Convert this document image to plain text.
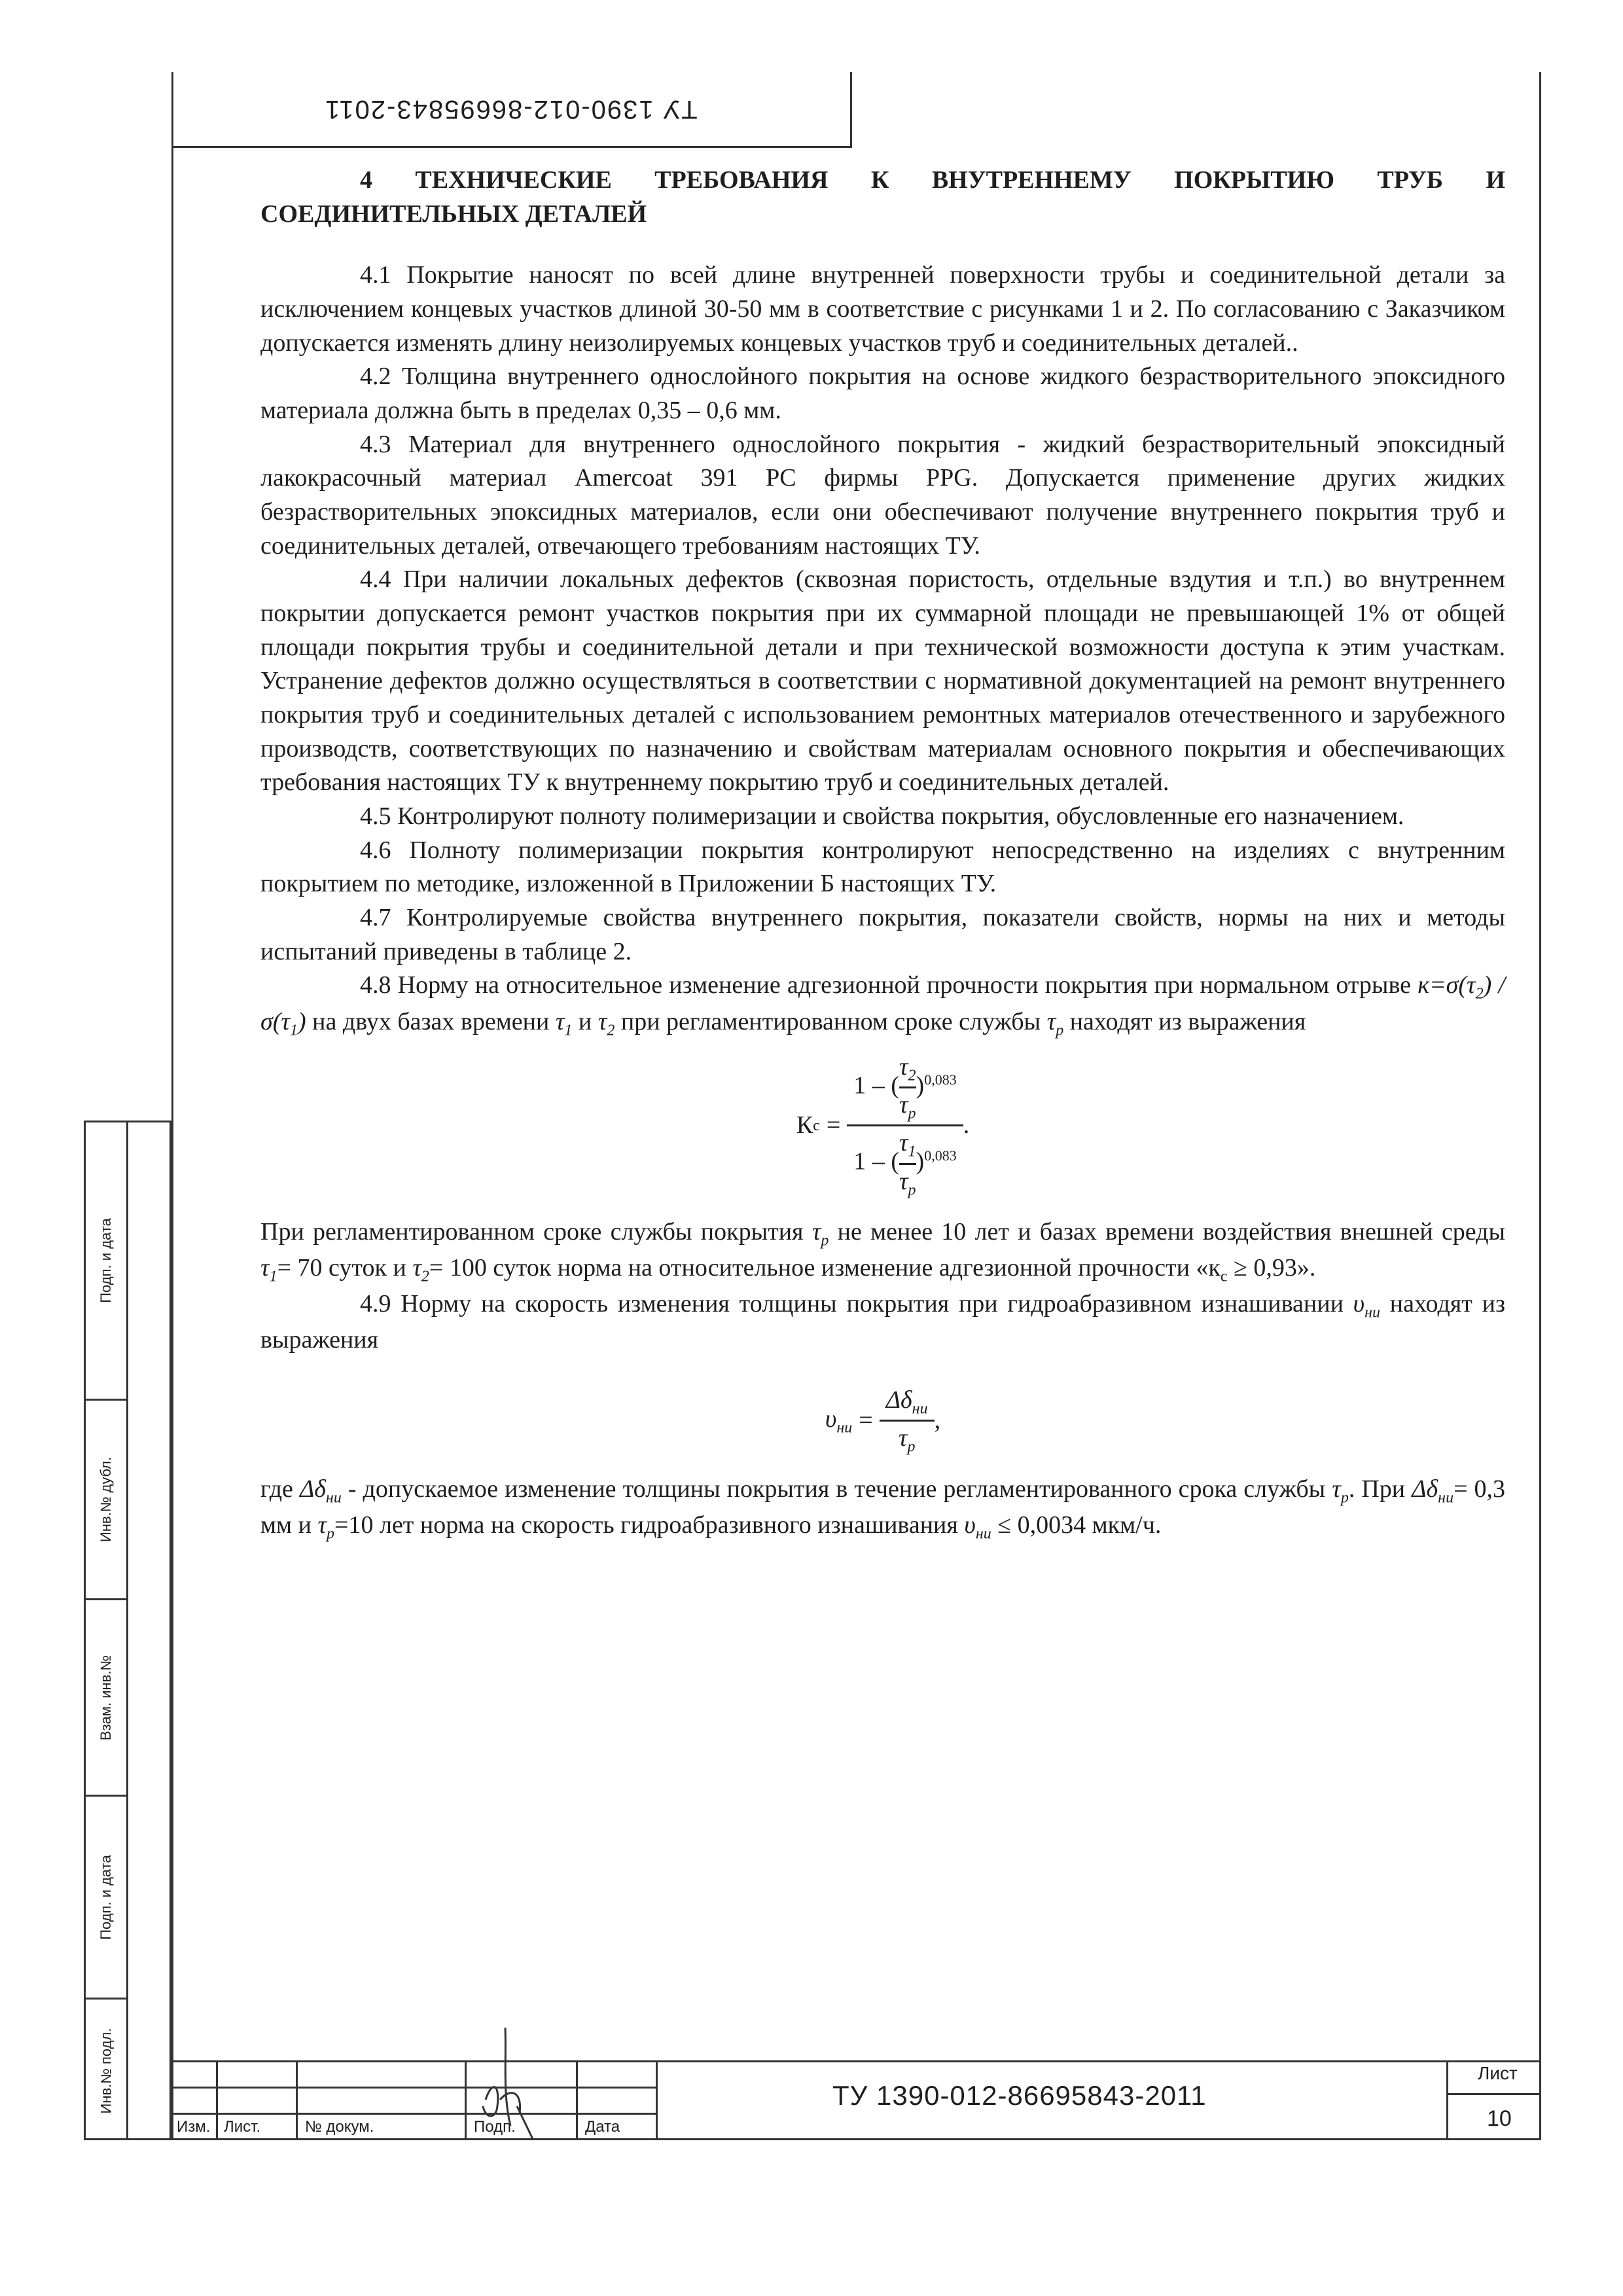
ТУ 1390-012-86695843-2011
4 ТЕХНИЧЕСКИЕ ТРЕБОВАНИЯ К ВНУТРЕННЕМУ ПОКРЫТИЮ ТРУБ И СОЕДИНИТЕЛЬНЫХ ДЕТАЛЕЙ

4.1 Покрытие наносят по всей длине внутренней поверхности трубы и соединительной детали за исключением концевых участков длиной 30-50 мм в соответствие с рисунками 1 и 2. По согласованию с Заказчиком допускается изменять длину неизолируемых концевых участков труб и соединительных деталей..

4.2 Толщина внутреннего однослойного покрытия на основе жидкого безрастворительного эпоксидного материала должна быть в пределах 0,35 – 0,6 мм.

4.3 Материал для внутреннего однослойного покрытия - жидкий безрастворительный эпоксидный лакокрасочный материал Amercoat 391 PC фирмы PPG. Допускается применение других жидких безрастворительных эпоксидных материалов, если они обеспечивают получение внутреннего покрытия труб и соединительных деталей, отвечающего требованиям настоящих ТУ.

4.4 При наличии локальных дефектов (сквозная пористость, отдельные вздутия и т.п.) во внутреннем покрытии допускается ремонт участков покрытия при их суммарной площади не превышающей 1% от общей площади покрытия трубы и соединительной детали и при технической возможности доступа к этим участкам. Устранение дефектов должно осуществляться в соответствии с нормативной документацией на ремонт внутреннего покрытия труб и соединительных деталей с использованием ремонтных материалов отечественного и зарубежного производств, соответствующих по назначению и свойствам материалам основного покрытия и обеспечивающих требования настоящих ТУ к внутреннему покрытию труб и соединительных деталей.

4.5 Контролируют полноту полимеризации и свойства покрытия, обусловленные его назначением.

4.6 Полноту полимеризации покрытия контролируют непосредственно на изделиях с внутренним покрытием по методике, изложенной в Приложении Б настоящих ТУ.

4.7 Контролируемые свойства внутреннего покрытия, показатели свойств, нормы на них и методы испытаний приведены в таблице 2.

4.8 Норму на относительное изменение адгезионной прочности покрытия при нормальном отрыве $к=\sigma(\tau_2) / \sigma(\tau_1)$ на двух базах времени $\tau_1$ и $\tau_2$ при регламентированном сроке службы $\tau_р$ находят из выражения

К $с = \frac{1 - ( \frac{\tau_2}{\tau_р} )^{0,083}}{1 - ( \frac{\tau_1}{\tau_р} )^{0,083}}$ .

При регламентированном сроке службы покрытия $\tau_р$ не менее 10 лет и базах времени воздействия внешней среды $\tau_1= 70$ суток и $\tau_2= 100$ суток норма на относительное изменение адгезионной прочности «$к_с \ge 0,93$».

4.9 Норму на скорость изменения толщины покрытия при гидроабразивном изнашивании $\upsilon_{ни}$ находят из выражения

$\upsilon_{ни} = \frac{\Delta\delta_{ни}}{\tau_р}$ ,

где $\Delta\delta_{ни}$ - допускаемое изменение толщины покрытия в течение регламентированного срока службы $\tau_р$. При $\Delta\delta_{ни}= 0,3$ мм и $\tau_р=10$ лет норма на скорость гидроабразивного изнашивания $\upsilon_{ни} \le 0,0034$ мкм/ч.

Подп. и дата
Инв.№ дубл.
Взам. инв.№
Подп. и дата
Инв.№ подл.
Изм. Лист.	№ докум.	Подп.	Дата
ТУ 1390-012-86695843-2011
Лист
10
